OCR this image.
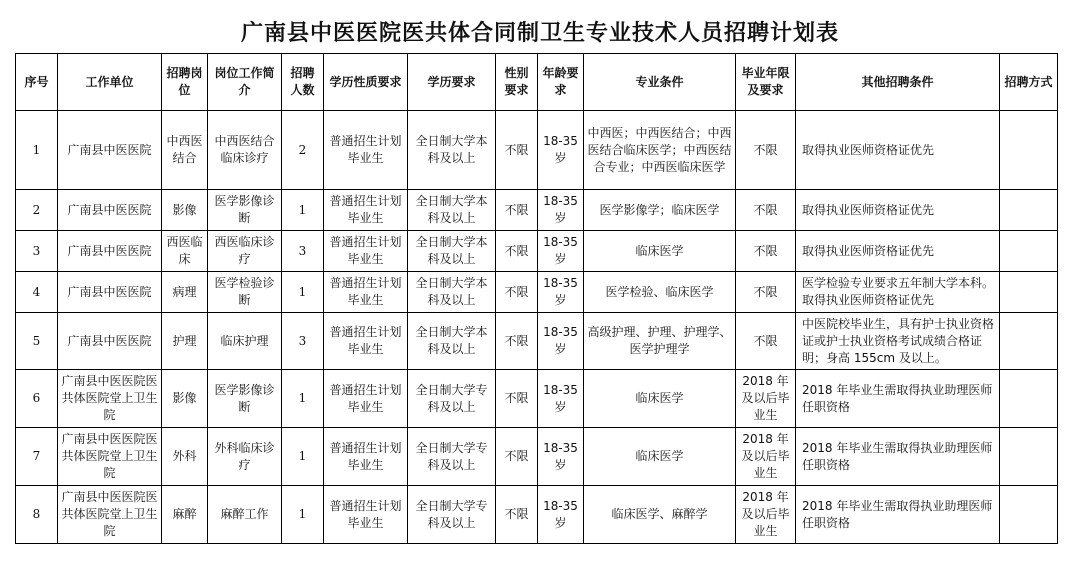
广南县中医医院医共体合同制卫生专业技术人员招聘计划表
序号	工作单位	招聘岗位	岗位工作简介	招聘人数	学历性质要求	学历要求	性别要求	年龄要求	专业条件	毕业年限及要求	其他招聘条件	招聘方式
1	广南县中医医院	中西医结合	中西医结合临床诊疗	2	普通招生计划毕业生	全日制大学本科及以上	不限	18-35岁	中西医；中西医结合；中西医结合临床医学；中西医结合专业；中西医临床医学	不限	取得执业医师资格证优先	
2	广南县中医医院	影像	医学影像诊断	1	普通招生计划毕业生	全日制大学本科及以上	不限	18-35岁	医学影像学；临床医学	不限	取得执业医师资格证优先	
3	广南县中医医院	西医临床	西医临床诊疗	3	普通招生计划毕业生	全日制大学本科及以上	不限	18-35岁	临床医学	不限	取得执业医师资格证优先	
4	广南县中医医院	病理	医学检验诊断	1	普通招生计划毕业生	全日制大学本科及以上	不限	18-35岁	医学检验、临床医学	不限	医学检验专业要求五年制大学本科。取得执业医师资格证优先	
5	广南县中医医院	护理	临床护理	3	普通招生计划毕业生	全日制大学本科及以上	不限	18-35岁	高级护理、护理、护理学、医学护理学	不限	中医院校毕业生，具有护士执业资格证或护士执业资格考试成绩合格证明；身高 155cm 及以上。	
6	广南县中医医院医共体医院堂上卫生院	影像	医学影像诊断	1	普通招生计划毕业生	全日制大学专科及以上	不限	18-35岁	临床医学	2018 年及以后毕业生	2018 年毕业生需取得执业助理医师任职资格	
7	广南县中医医院医共体医院堂上卫生院	外科	外科临床诊疗	1	普通招生计划毕业生	全日制大学专科及以上	不限	18-35岁	临床医学	2018 年及以后毕业生	2018 年毕业生需取得执业助理医师任职资格	
8	广南县中医医院医共体医院堂上卫生院	麻醉	麻醉工作	1	普通招生计划毕业生	全日制大学专科及以上	不限	18-35岁	临床医学、麻醉学	2018 年及以后毕业生	2018 年毕业生需取得执业助理医师任职资格	
